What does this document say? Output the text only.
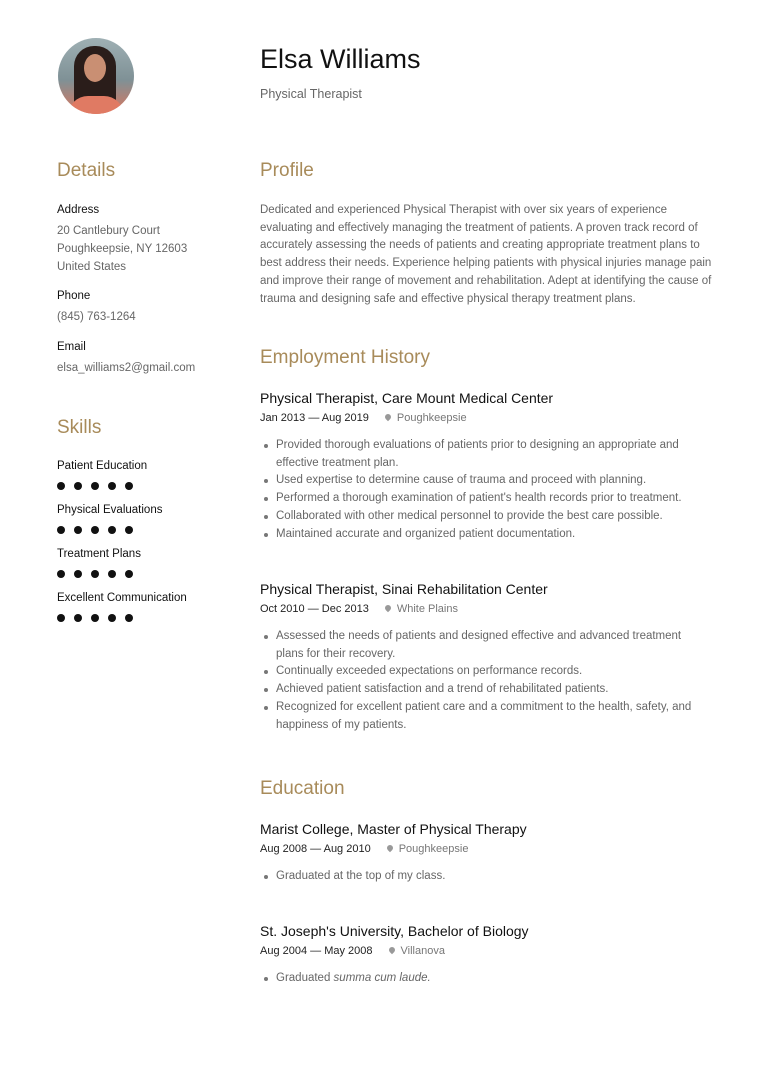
Elsa Williams
Physical Therapist
Details
Address
20 Cantlebury Court
Poughkeepsie, NY 12603
United States
Phone
(845) 763-1264
Email
elsa_williams2@gmail.com
Skills
Patient Education
Physical Evaluations
Treatment Plans
Excellent Communication
Profile
Dedicated and experienced Physical Therapist with over six years of experience evaluating and effectively managing the treatment of patients. A proven track record of accurately assessing the needs of patients and creating appropriate treatment plans to best address their needs. Experience helping patients with physical injuries manage pain and improve their range of movement and rehabilitation. Adept at identifying the cause of trauma and designing safe and effective physical therapy treatment plans.
Employment History
Physical Therapist, Care Mount Medical Center
Jan 2013 — Aug 2019	Poughkeepsie
Provided thorough evaluations of patients prior to designing an appropriate and effective treatment plan.
Used expertise to determine cause of trauma and proceed with planning.
Performed a thorough examination of patient's health records prior to treatment.
Collaborated with other medical personnel to provide the best care possible.
Maintained accurate and organized patient documentation.
Physical Therapist, Sinai Rehabilitation Center
Oct 2010 — Dec 2013	White Plains
Assessed the needs of patients and designed effective and advanced treatment plans for their recovery.
Continually exceeded expectations on performance records.
Achieved patient satisfaction and a trend of rehabilitated patients.
Recognized for excellent patient care and a commitment to the health, safety, and happiness of my patients.
Education
Marist College, Master of Physical Therapy
Aug 2008 — Aug 2010	Poughkeepsie
Graduated at the top of my class.
St. Joseph's University, Bachelor of Biology
Aug 2004 — May 2008	Villanova
Graduated summa cum laude.
